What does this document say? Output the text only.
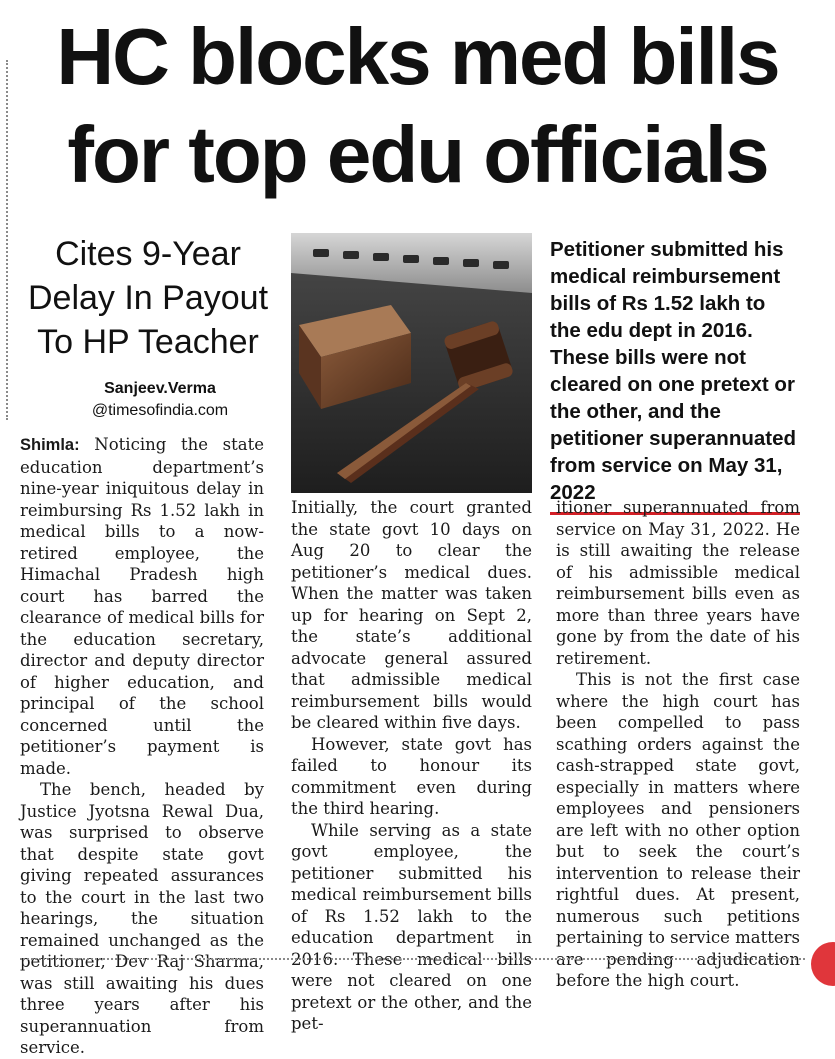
HC blocks med bills
for top edu officials
Cites 9-Year
Delay In Payout
To HP Teacher
Sanjeev.Verma
@timesofindia.com
Petitioner submitted his medical reimbursement bills of Rs 1.52 lakh to the edu dept in 2016. These bills were not cleared on one pretext or the other, and the petitioner superannuated from service on May 31, 2022

Shimla: Noticing the state education department’s nine-year iniquitous delay in reimbursing Rs 1.52 lakh in medical bills to a now-retired employee, the Himachal Pradesh high court has barred the clearance of medical bills for the education secretary, director and deputy director of higher education, and principal of the school concerned until the petitioner’s payment is made.

The bench, headed by Justice Jyotsna Rewal Dua, was surprised to observe that despite state govt giving repeated assurances to the court in the last two hearings, the situation remained unchanged as the petitioner, Dev Raj Sharma, was still awaiting his dues three years after his superannuation from service.

Initially, the court granted the state govt 10 days on Aug 20 to clear the petitioner’s medical dues. When the matter was taken up for hearing on Sept 2, the state’s additional advocate general assured that admissible medical reimbursement bills would be cleared within five days.

However, state govt has failed to honour its commitment even during the third hearing.

While serving as a state govt employee, the petitioner submitted his medical reimbursement bills of Rs 1.52 lakh to the education department in 2016. These medical bills were not cleared on one pretext or the other, and the pet-

itioner superannuated from service on May 31, 2022. He is still awaiting the release of his admissible medical reimbursement bills even as more than three years have gone by from the date of his retirement.

This is not the first case where the high court has been compelled to pass scathing orders against the cash-strapped state govt, especially in matters where employees and pensioners are left with no other option but to seek the court’s intervention to release their rightful dues. At present, numerous such petitions pertaining to service matters are pending adjudication before the high court.
